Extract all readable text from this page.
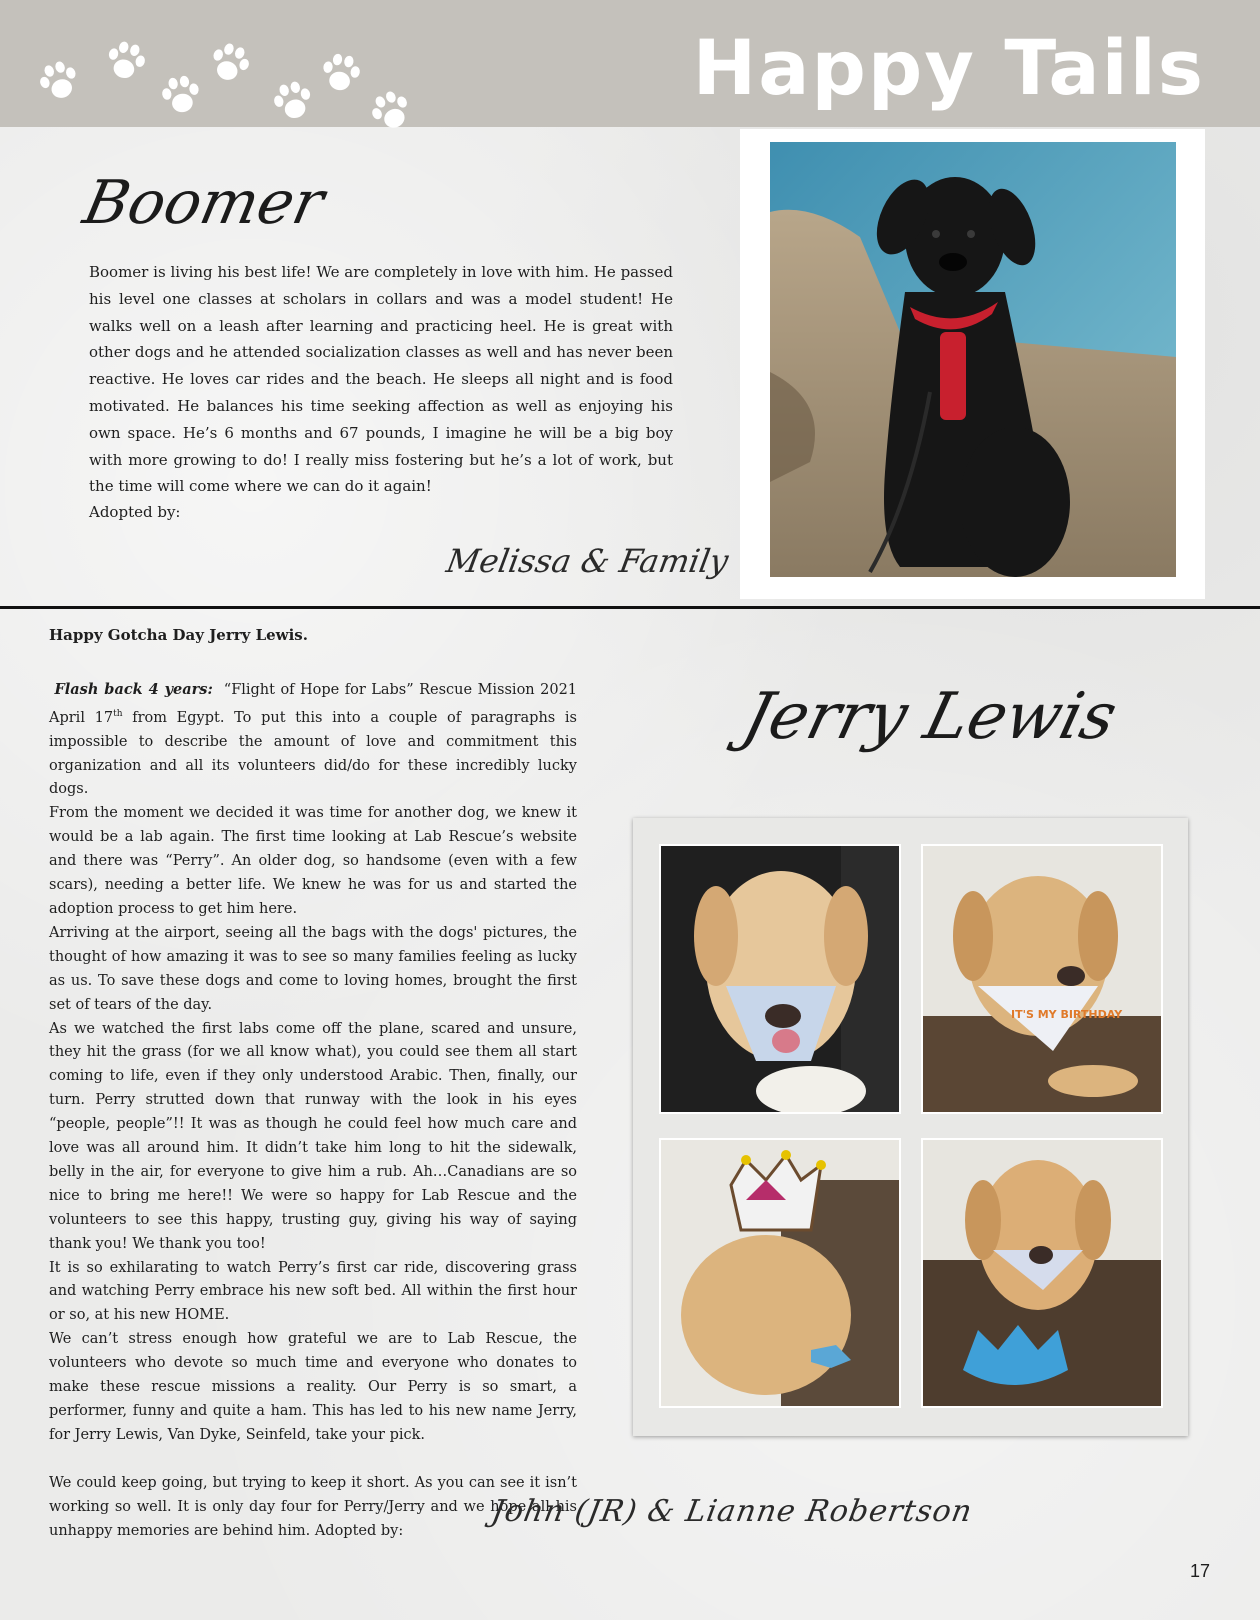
Happy Tails
Boomer
Boomer is living his best life! We are completely in love with him. He passed his level one classes at scholars in collars and was a model student! He walks well on a leash after learning and practicing heel. He is great with other dogs and he attended socialization classes as well and has never been reactive. He loves car rides and the beach. He sleeps all night and is food motivated. He balances his time seeking affection as well as enjoying his own space. He’s 6 months and 67 pounds, I imagine he will be a big boy with more growing to do! I really miss fostering but he’s a lot of work, but the time will come where we can do it again!
Adopted by:
Melissa & Family
Happy Gotcha Day Jerry Lewis.

Flash back 4 years: “Flight of Hope for Labs” Rescue Mission 2021 April 17th from Egypt. To put this into a couple of paragraphs is impossible to describe the amount of love and commitment this organization and all its volunteers did/do for these incredibly lucky dogs.

From the moment we decided it was time for another dog, we knew it would be a lab again. The first time looking at Lab Rescue’s website and there was “Perry”. An older dog, so handsome (even with a few scars), needing a better life. We knew he was for us and started the adoption process to get him here.

Arriving at the airport, seeing all the bags with the dogs' pictures, the thought of how amazing it was to see so many families feeling as lucky as us. To save these dogs and come to loving homes, brought the first set of tears of the day.

As we watched the first labs come off the plane, scared and unsure, they hit the grass (for we all know what), you could see them all start coming to life, even if they only understood Arabic. Then, finally, our turn. Perry strutted down that runway with the look in his eyes “people, people”!! It was as though he could feel how much care and love was all around him. It didn’t take him long to hit the sidewalk, belly in the air, for everyone to give him a rub. Ah…Canadians are so nice to bring me here!! We were so happy for Lab Rescue and the volunteers to see this happy, trusting guy, giving his way of saying thank you! We thank you too!

It is so exhilarating to watch Perry’s first car ride, discovering grass and watching Perry embrace his new soft bed. All within the first hour or so, at his new HOME.

We can’t stress enough how grateful we are to Lab Rescue, the volunteers who devote so much time and everyone who donates to make these rescue missions a reality. Our Perry is so smart, a performer, funny and quite a ham. This has led to his new name Jerry, for Jerry Lewis, Van Dyke, Seinfeld, take your pick.

We could keep going, but trying to keep it short. As you can see it isn’t working so well. It is only day four for Perry/Jerry and we hope all his unhappy memories are behind him. Adopted by:

Jerry Lewis
IT'S MY BIRTHDAY
John (JR) & Lianne Robertson
17
